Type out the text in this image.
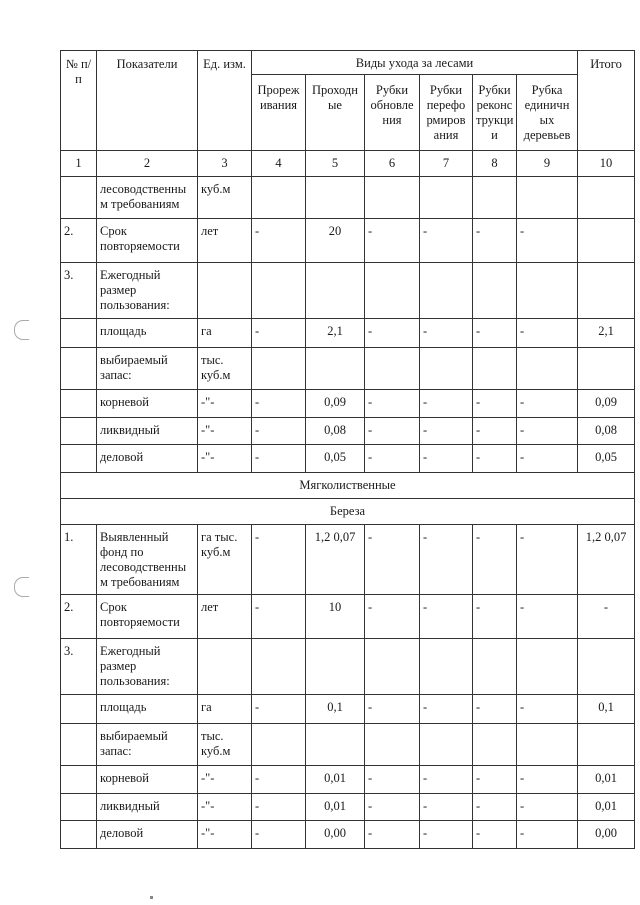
№ п/п	Показатели	Ед. изм.	Виды ухода за лесами						Итого
			Прореж ивания	Проходн ые	Рубки обновле ния	Рубки перефо рмиров ания	Рубки реконс трукци и	Рубка единичн ых деревьев	
1	2	3	4	5	6	7	8	9	10
	лесоводственны м требованиям	куб.м							
2.	Срок повторяемости	лет	-	20	-	-	-	-	
3.	Ежегодный размер пользования:								
	площадь	га	-	2,1	-	-	-	-	2,1
	выбираемый запас:	тыс. куб.м							
	корневой	-"-	-	0,09	-	-	-	-	0,09
	ликвидный	-"-	-	0,08	-	-	-	-	0,08
	деловой	-"-	-	0,05	-	-	-	-	0,05
Мягколиственные									
Береза									
1.	Выявленный фонд по лесоводственны м требованиям	га тыс. куб.м	-	1,2 0,07	-	-	-	-	1,2 0,07
2.	Срок повторяемости	лет	-	10	-	-	-	-	-
3.	Ежегодный размер пользования:								
	площадь	га	-	0,1	-	-	-	-	0,1
	выбираемый запас:	тыс. куб.м							
	корневой	-"-	-	0,01	-	-	-	-	0,01
	ликвидный	-"-	-	0,01	-	-	-	-	0,01
	деловой	-"-	-	0,00	-	-	-	-	0,00
